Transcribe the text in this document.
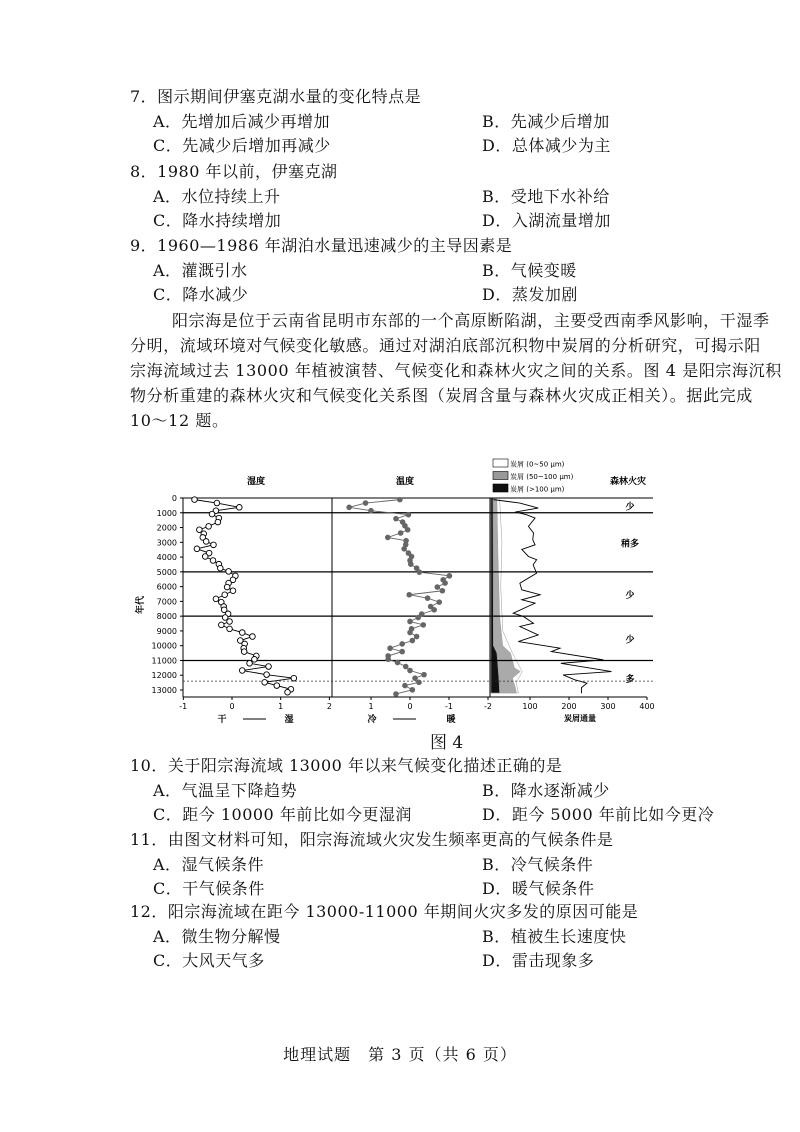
7．图示期间伊塞克湖水量的变化特点是
A．先增加后减少再增加	B．先减少后增加
C．先减少后增加再减少	D．总体减少为主
8．1980 年以前，伊塞克湖
A．水位持续上升	B．受地下水补给
C．降水持续增加	D．入湖流量增加
9．1960—1986 年湖泊水量迅速减少的主导因素是
A．灌溉引水	B．气候变暖
C．降水减少	D．蒸发加剧
10．关于阳宗海流域 13000 年以来气候变化描述正确的是
A．气温呈下降趋势	B．降水逐渐减少
C．距今 10000 年前比如今更湿润	D．距今 5000 年前比如今更冷
11．由图文材料可知，阳宗海流域火灾发生频率更高的气候条件是
A．湿气候条件	B．冷气候条件
C．干气候条件	D．暖气候条件
12．阳宗海流域在距今 13000-11000 年期间火灾多发的原因可能是
A．微生物分解慢	B．植被生长速度快
C．大风天气多	D．雷击现象多
阳宗海是位于云南省昆明市东部的一个高原断陷湖，主要受西南季风影响，干湿季
分明，流域环境对气候变化敏感。通过对湖泊底部沉积物中炭屑的分析研究，可揭示阳
宗海流域过去 13000 年植被演替、气候变化和森林火灾之间的关系。图 4 是阳宗海沉积
物分析重建的森林火灾和气候变化关系图（炭屑含量与森林火灾成正相关）。据此完成
10～12 题。
0
1000
2000
3000
4000
5000
6000
7000
8000
9000
10000
11000
12000
13000
年代
-1	0	1	2	1	0	-1	-2	100	200	300	400
湿度	温度	森林火灾
干	湿	冷	暖	炭屑通量
炭屑 (0~50 μm)
炭屑 (50~100 μm)
炭屑 (>100 μm)
少
稍多
少
少
多
图 4
地理试题　第 3 页（共 6 页）
